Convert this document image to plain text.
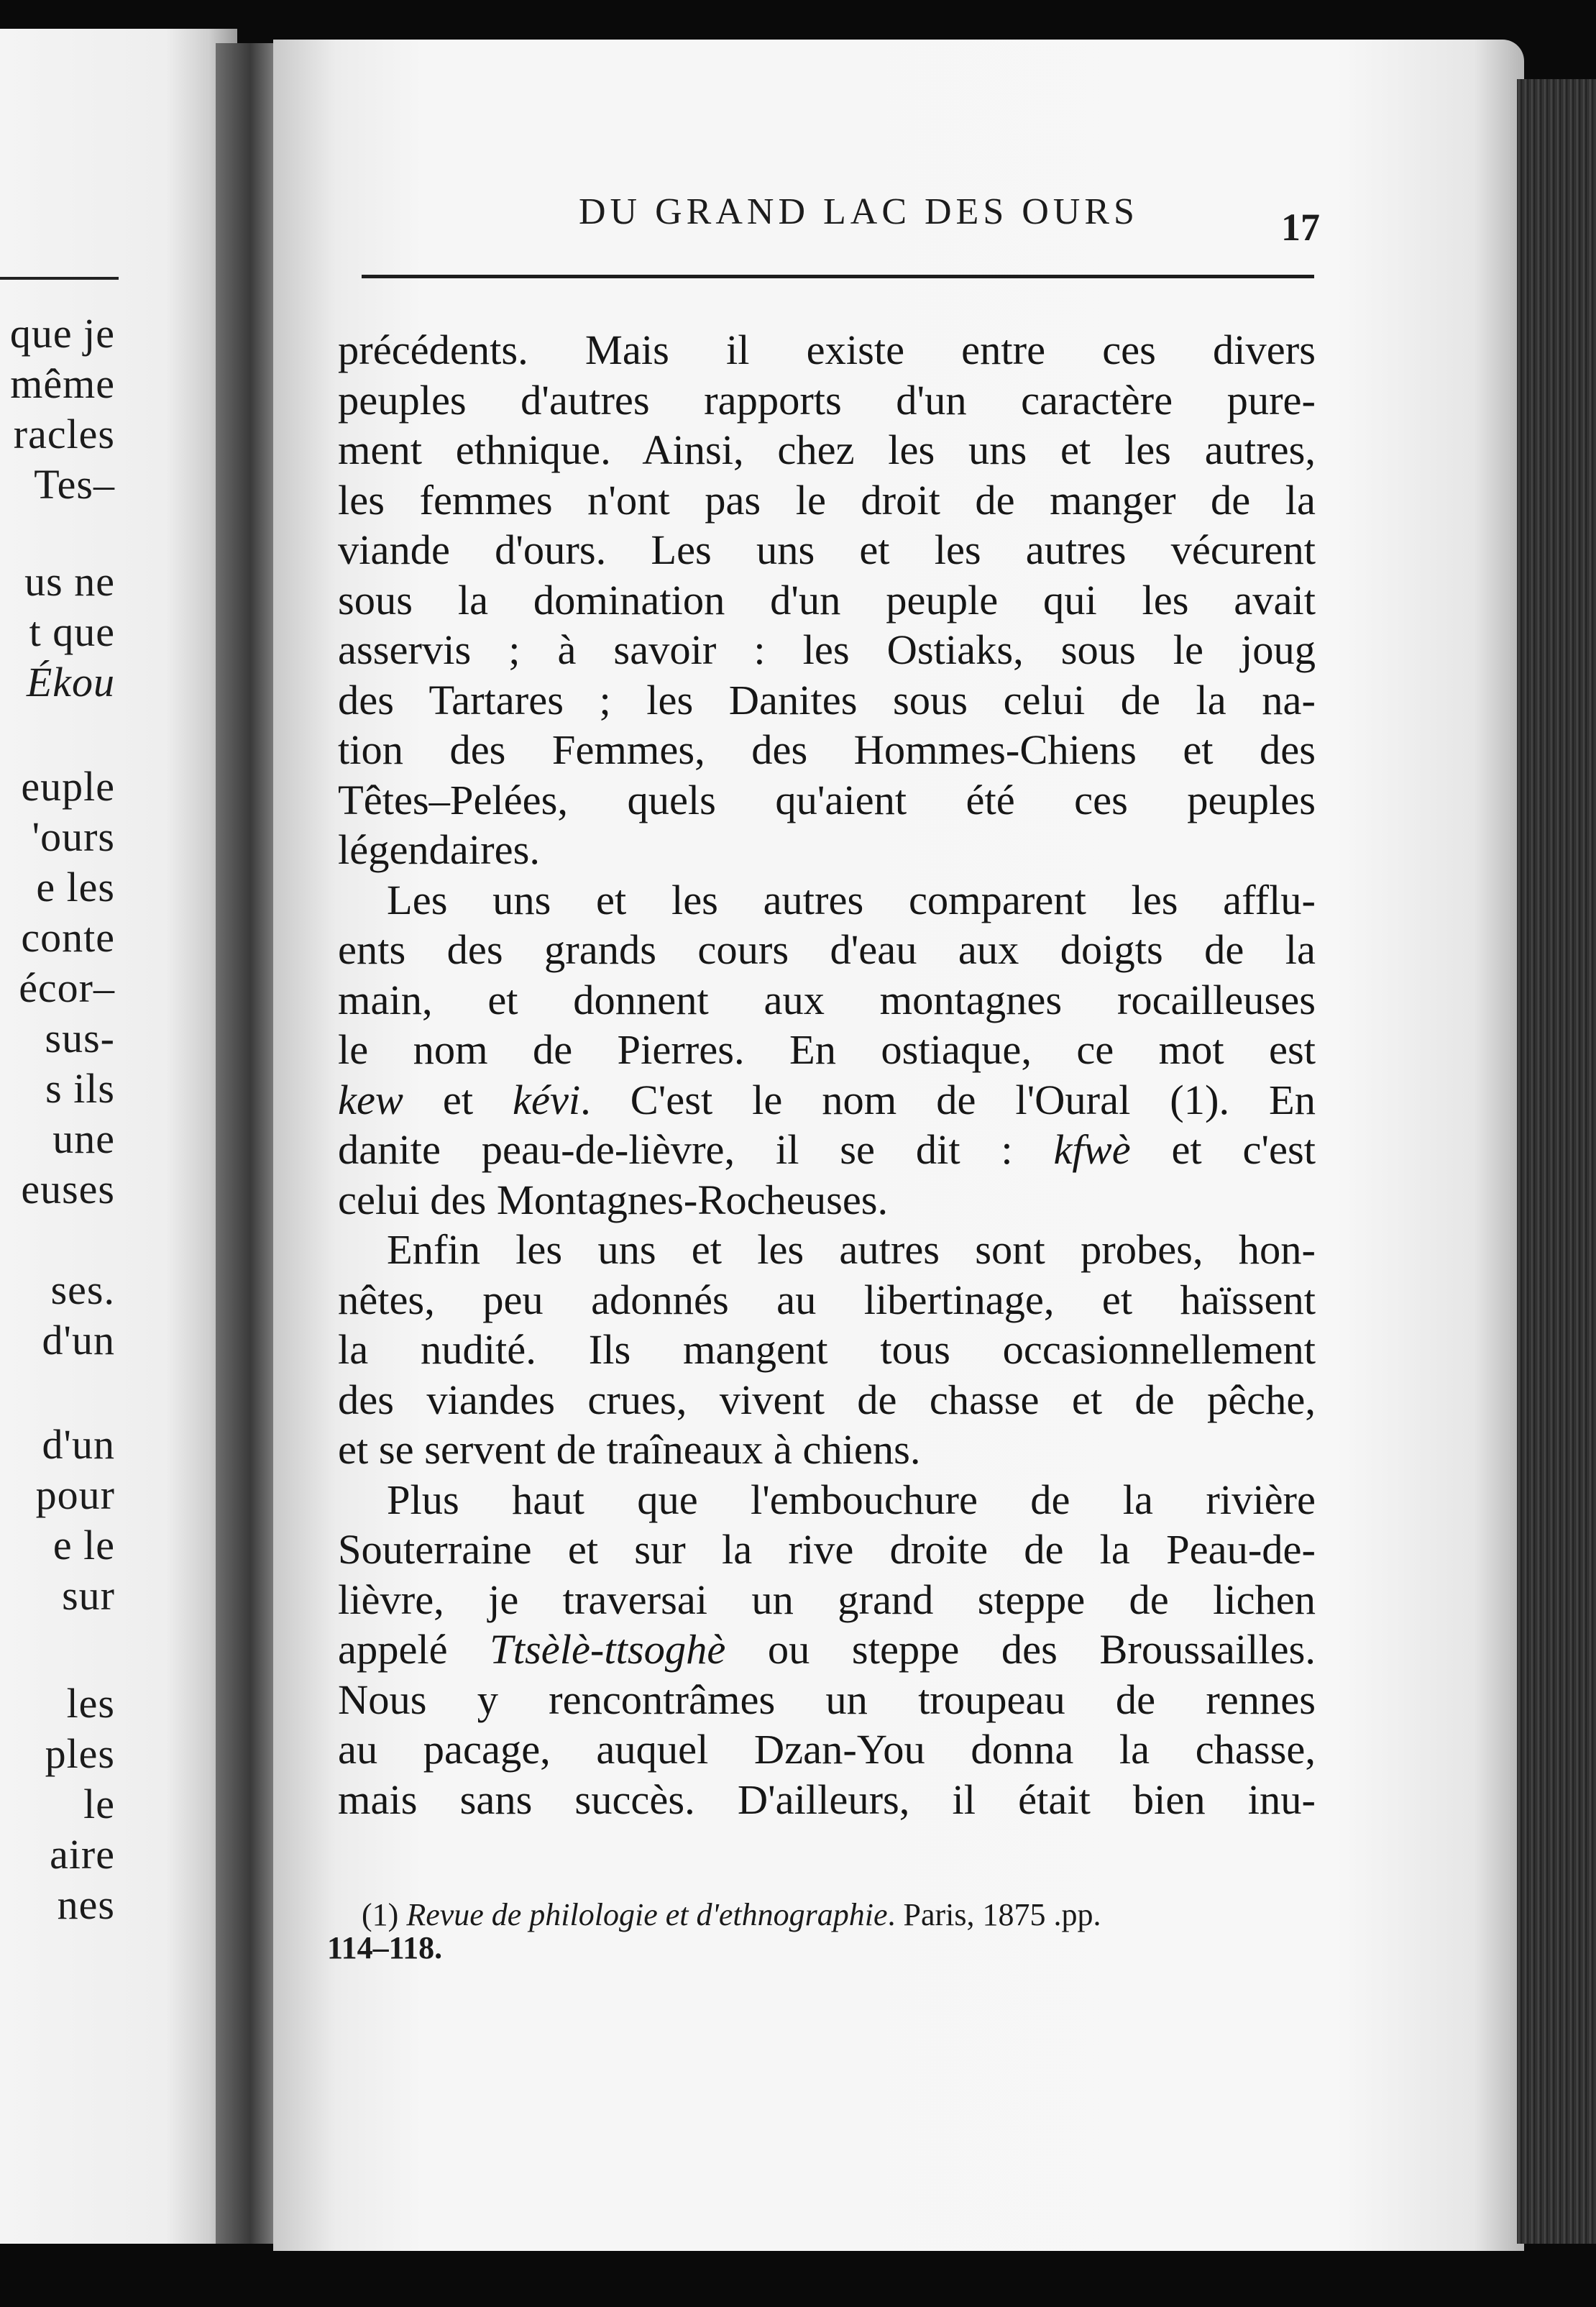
que je
même
racles
Tes–
us ne
t que
Ékou
euple
'ours
e les
conte
écor–
sus-
s ils
une
euses
ses.
d'un
d'un
pour
e le
sur
les
ples
le
aire
nes
DU GRAND LAC DES OURS	17
précédents. Mais il existe entre ces divers
peuples d'autres rapports d'un caractère pure-
ment ethnique. Ainsi, chez les uns et les autres,
les femmes n'ont pas le droit de manger de la
viande d'ours. Les uns et les autres vécurent
sous la domination d'un peuple qui les avait
asservis ; à savoir : les Ostiaks, sous le joug
des Tartares ; les Danites sous celui de la na-
tion des Femmes, des Hommes-Chiens et des
Têtes–Pelées, quels qu'aient été ces peuples
légendaires.
Les uns et les autres comparent les afflu-
ents des grands cours d'eau aux doigts de la
main, et donnent aux montagnes rocailleuses
le nom de Pierres. En ostiaque, ce mot est
kew et kévi. C'est le nom de l'Oural (1). En
danite peau-de-lièvre, il se dit : kfwè et c'est
celui des Montagnes-Rocheuses.
Enfin les uns et les autres sont probes, hon-
nêtes, peu adonnés au libertinage, et haïssent
la nudité. Ils mangent tous occasionnellement
des viandes crues, vivent de chasse et de pêche,
et se servent de traîneaux à chiens.
Plus haut que l'embouchure de la rivière
Souterraine et sur la rive droite de la Peau-de-
lièvre, je traversai un grand steppe de lichen
appelé Ttsèlè-ttsoghè ou steppe des Broussailles.
Nous y rencontrâmes un troupeau de rennes
au pacage, auquel Dzan-You donna la chasse,
mais sans succès. D'ailleurs, il était bien inu-
(1) Revue de philologie et d'ethnographie. Paris, 1875 .pp.
114–118.
